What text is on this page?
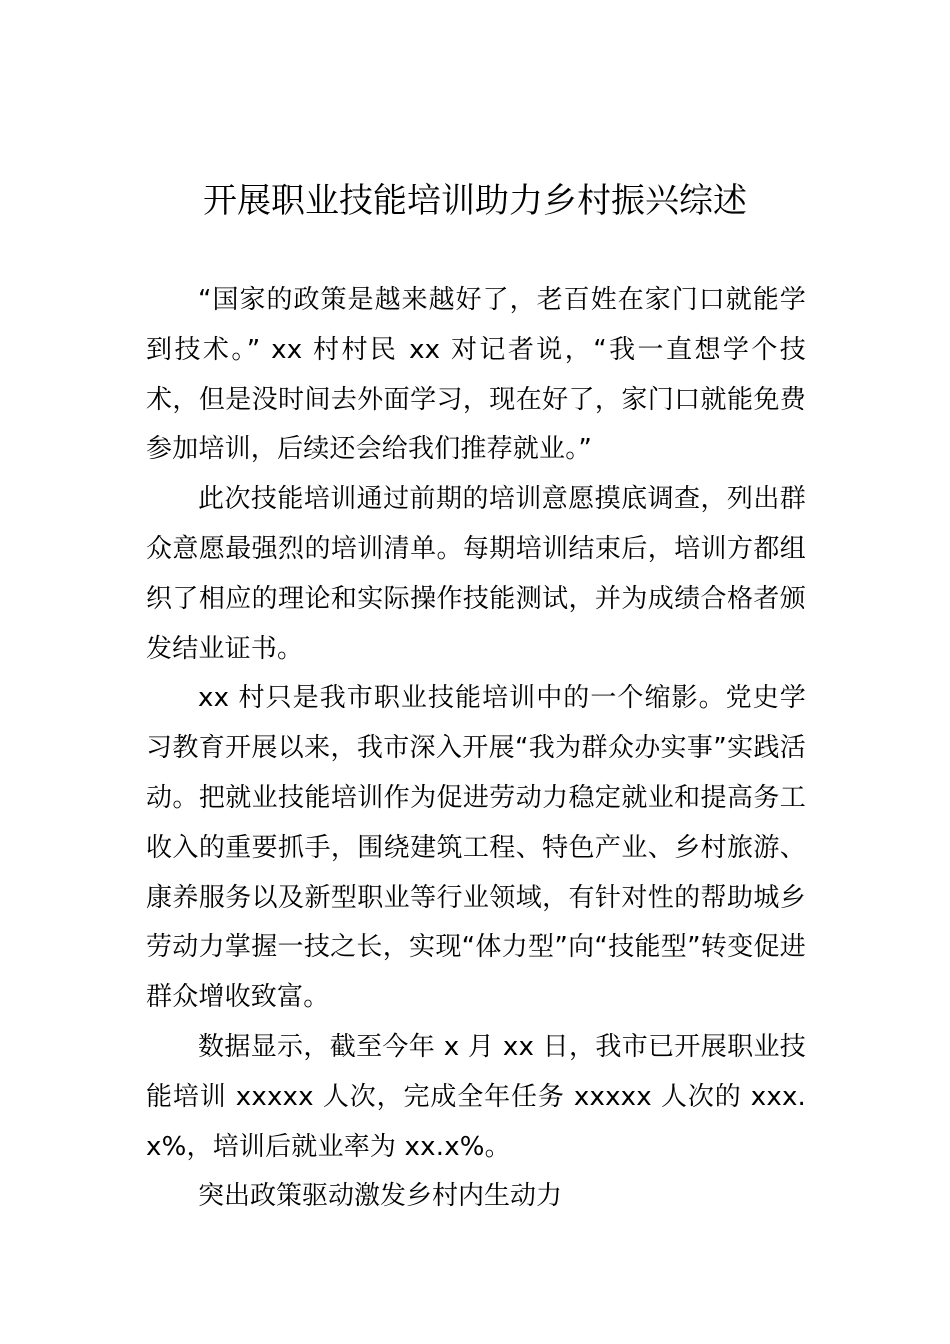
开展职业技能培训助力乡村振兴综述

“国家的政策是越来越好了，老百姓在家门口就能学到技术。” xx 村村民 xx 对记者说，“我一直想学个技术，但是没时间去外面学习，现在好了，家门口就能免费参加培训，后续还会给我们推荐就业。”

此次技能培训通过前期的培训意愿摸底调查，列出群众意愿最强烈的培训清单。每期培训结束后，培训方都组织了相应的理论和实际操作技能测试，并为成绩合格者颁发结业证书。

xx 村只是我市职业技能培训中的一个缩影。党史学习教育开展以来，我市深入开展“我为群众办实事”实践活动。把就业技能培训作为促进劳动力稳定就业和提高务工收入的重要抓手，围绕建筑工程、特色产业、乡村旅游、康养服务以及新型职业等行业领域，有针对性的帮助城乡劳动力掌握一技之长，实现“体力型”向“技能型”转变促进群众增收致富。

数据显示，截至今年 x 月 xx 日，我市已开展职业技能培训 xxxxx 人次，完成全年任务 xxxxx 人次的 xxx.x%，培训后就业率为 xx.x%。

突出政策驱动激发乡村内生动力
